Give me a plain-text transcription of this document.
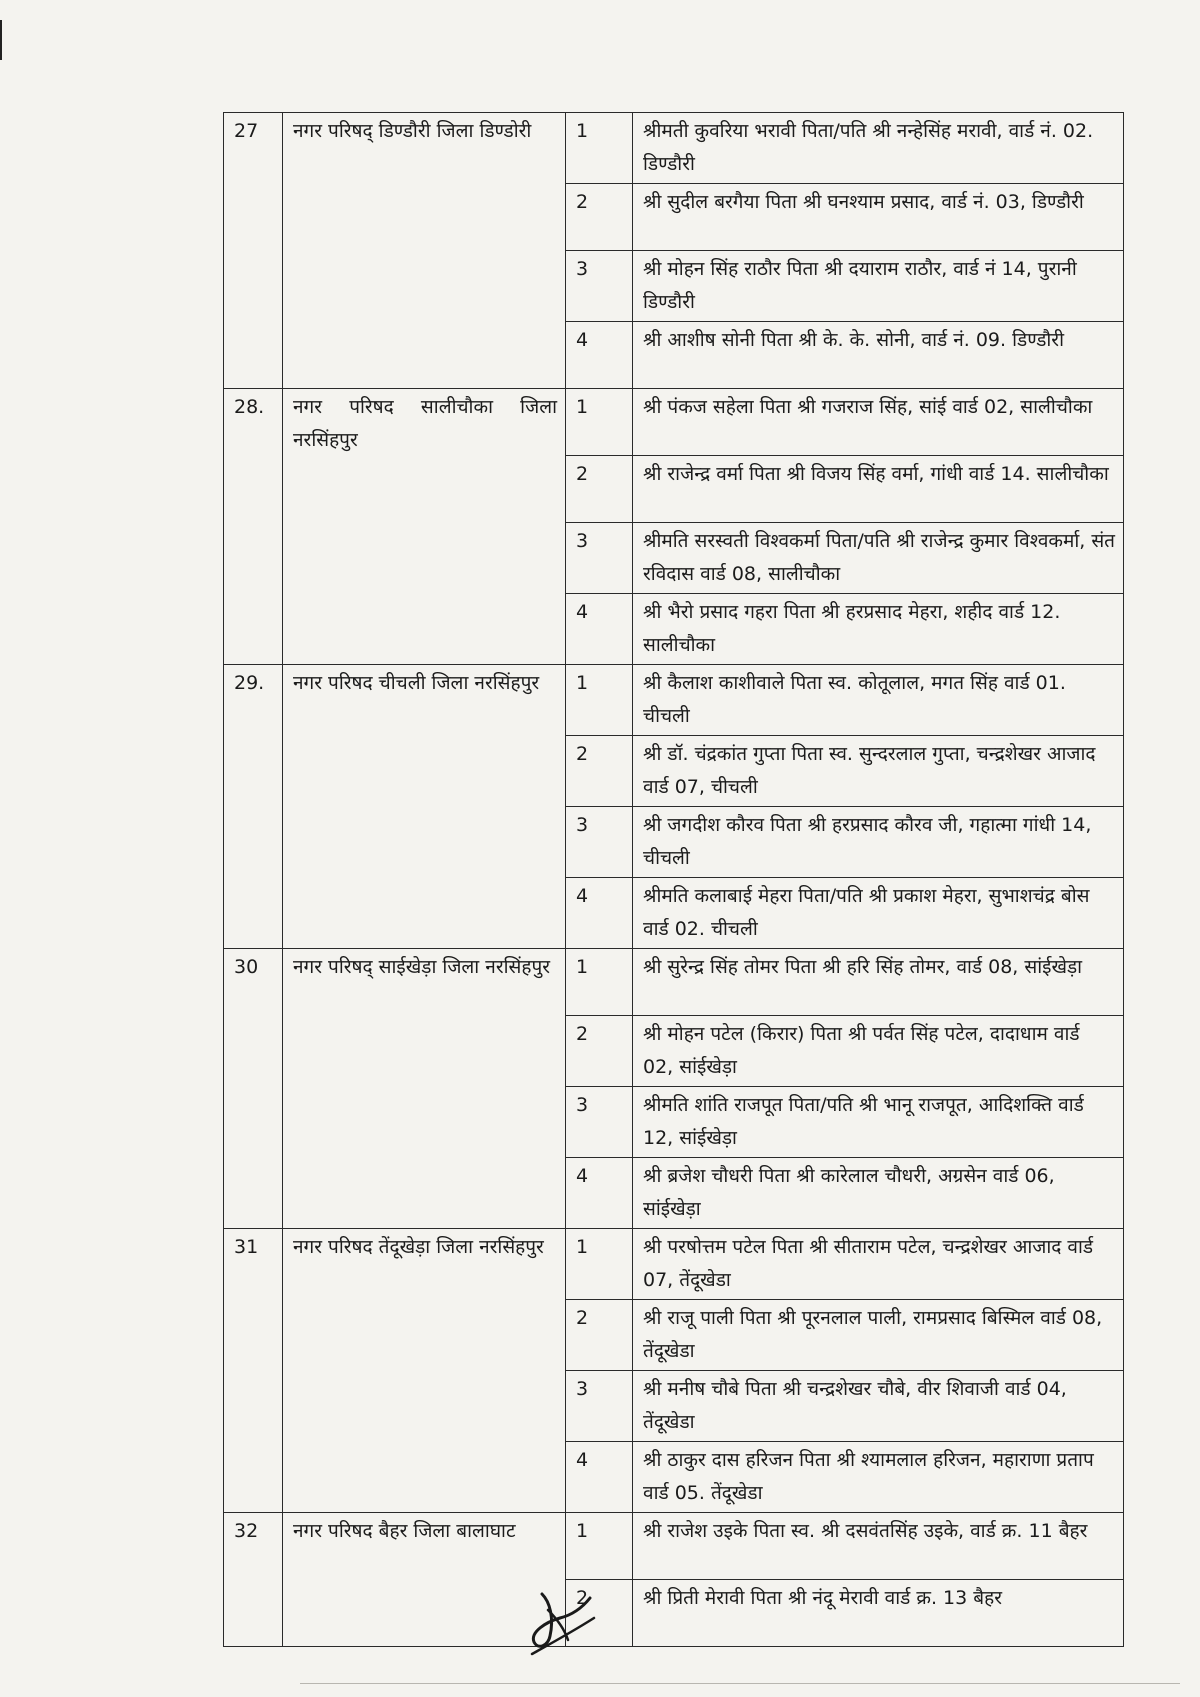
27	नगर परिषद् डिण्डौरी जिला डिण्डोरी	1	श्रीमती कुवरिया भरावी पिता/पति श्री नन्हेसिंह मरावी, वार्ड नं. 02. डिण्डौरी
		2	श्री सुदील बरगैया पिता श्री घनश्याम प्रसाद, वार्ड नं. 03, डिण्डौरी
		3	श्री मोहन सिंह राठौर पिता श्री दयाराम राठौर, वार्ड नं 14, पुरानी डिण्डौरी
		4	श्री आशीष सोनी पिता श्री के. के. सोनी, वार्ड नं. 09. डिण्डौरी
28.	नगर परिषद सालीचौका जिला नरसिंहपुर	1	श्री पंकज सहेला पिता श्री गजराज सिंह, सांई वार्ड 02, सालीचौका
		2	श्री राजेन्द्र वर्मा पिता श्री विजय सिंह वर्मा, गांधी वार्ड 14. सालीचौका
		3	श्रीमति सरस्वती विश्वकर्मा पिता/पति श्री राजेन्द्र कुमार विश्वकर्मा, संत रविदास वार्ड 08, सालीचौका
		4	श्री भैरो प्रसाद गहरा पिता श्री हरप्रसाद मेहरा, शहीद वार्ड 12. सालीचौका
29.	नगर परिषद चीचली जिला नरसिंहपुर	1	श्री कैलाश काशीवाले पिता स्व. कोतूलाल, मगत सिंह वार्ड 01. चीचली
		2	श्री डॉ. चंद्रकांत गुप्ता पिता स्व. सुन्दरलाल गुप्ता, चन्द्रशेखर आजाद वार्ड 07, चीचली
		3	श्री जगदीश कौरव पिता श्री हरप्रसाद कौरव जी, गहात्मा गांधी 14, चीचली
		4	श्रीमति कलाबाई मेहरा पिता/पति श्री प्रकाश मेहरा, सुभाशचंद्र बोस वार्ड 02. चीचली
30	नगर परिषद् साईखेड़ा जिला नरसिंहपुर	1	श्री सुरेन्द्र सिंह तोमर पिता श्री हरि सिंह तोमर, वार्ड 08, सांईखेड़ा
		2	श्री मोहन पटेल (किरार) पिता श्री पर्वत सिंह पटेल, दादाधाम वार्ड 02, सांईखेड़ा
		3	श्रीमति शांति राजपूत पिता/पति श्री भानू राजपूत, आदिशक्ति वार्ड 12, सांईखेड़ा
		4	श्री ब्रजेश चौधरी पिता श्री कारेलाल चौधरी, अग्रसेन वार्ड 06, सांईखेड़ा
31	नगर परिषद तेंदूखेड़ा जिला नरसिंहपुर	1	श्री परषोत्तम पटेल पिता श्री सीताराम पटेल, चन्द्रशेखर आजाद वार्ड 07, तेंदूखेडा
		2	श्री राजू पाली पिता श्री पूरनलाल पाली, रामप्रसाद बिस्मिल वार्ड 08, तेंदूखेडा
		3	श्री मनीष चौबे पिता श्री चन्द्रशेखर चौबे, वीर शिवाजी वार्ड 04, तेंदूखेडा
		4	श्री ठाकुर दास हरिजन पिता श्री श्यामलाल हरिजन, महाराणा प्रताप वार्ड 05. तेंदूखेडा
32	नगर परिषद बैहर जिला बालाघाट	1	श्री राजेश उइके पिता स्व. श्री दसवंतसिंह उइके, वार्ड क्र. 11 बैहर
		2	श्री प्रिती मेरावी पिता श्री नंदू मेरावी वार्ड क्र. 13 बैहर
